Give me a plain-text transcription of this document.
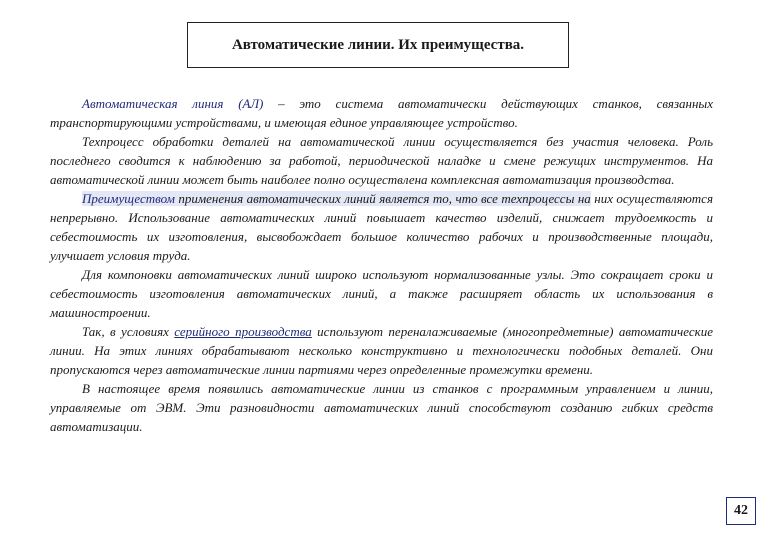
Автоматические линии. Их преимущества.

Автоматическая линия (АЛ) – это система автоматически действующих станков, связанных транспортирующими устройствами, и имеющая единое управляющее устройство.

Техпроцесс обработки деталей на автоматической линии осуществляется без участия человека. Роль последнего сводится к наблюдению за работой, периодической наладке и смене режущих инструментов. На автоматической линии может быть наиболее полно осуществлена комплексная автоматизация производства.

Преимуществом применения автоматических линий является то, что все техпроцессы на них осуществляются непрерывно. Использование автоматических линий повышает качество изделий, снижает трудоемкость и себестоимость их изготовления, высвобождает большое количество рабочих и производственные площади, улучшает условия труда.

Для компоновки автоматических линий широко используют нормализованные узлы. Это сокращает сроки и себестоимость изготовления автоматических линий, а также расширяет область их использования в машиностроении.

Так, в условиях серийного производства используют переналаживаемые (многопредметные) автоматические линии. На этих линиях обрабатывают несколько конструктивно и технологически подобных деталей. Они пропускаются через автоматические линии партиями через определенные промежутки времени.

В настоящее время появились автоматические линии из станков с программным управлением и линии, управляемые от ЭВМ. Эти разновидности автоматических линий способствуют созданию гибких средств автоматизации.

42
